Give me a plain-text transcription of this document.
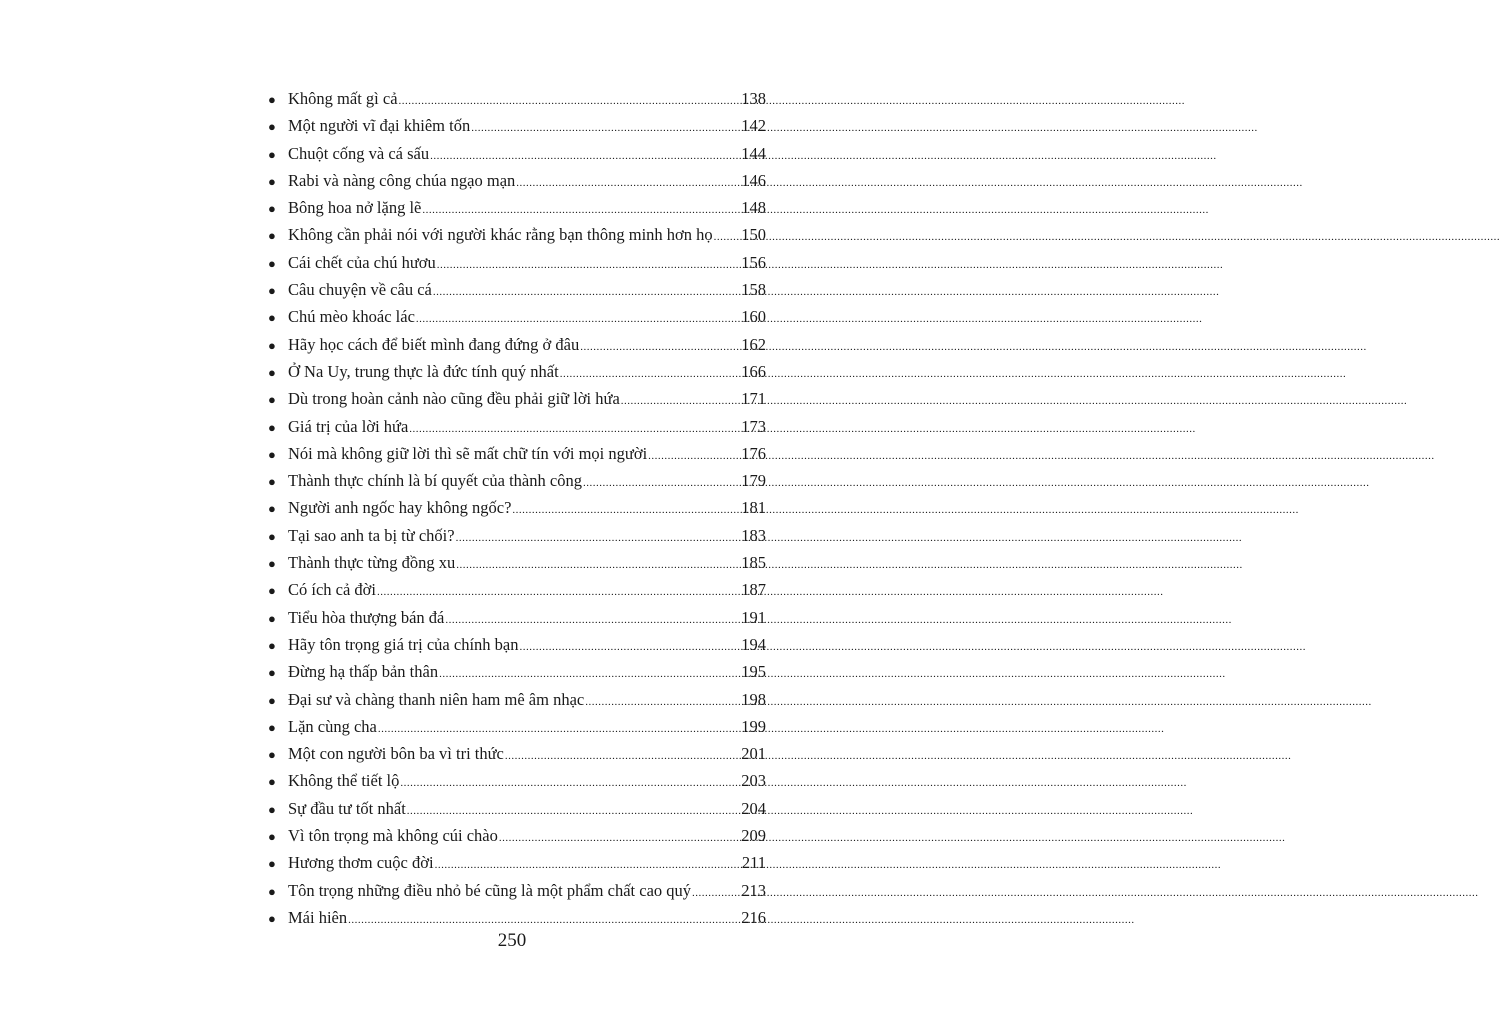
● Không mất gì cả .....	138
● Một người vĩ đại khiêm tốn .....	142
● Chuột cống và cá sấu .....	144
● Rabi và nàng công chúa ngạo mạn .....	146
● Bông hoa nở lặng lẽ .....	148
● Không cần phải nói với người khác rằng bạn thông minh hơn họ ..... 150
● Cái chết của chú hươu .....	156
● Câu chuyện về câu cá .....	158
● Chú mèo khoác lác .....	160
● Hãy học cách để biết mình đang đứng ở đâu .....	162
● Ở Na Uy, trung thực là đức tính quý nhất .....	166
● Dù trong hoàn cảnh nào cũng đều phải giữ lời hứa .....	171
● Giá trị của lời hứa .....	173
● Nói mà không giữ lời thì sẽ mất chữ tín với mọi người .....	176
● Thành thực chính là bí quyết của thành công .....	179
● Người anh ngốc hay không ngốc? .....	181
● Tại sao anh ta bị từ chối? .....	183
● Thành thực từng đồng xu .....	185
● Có ích cả đời .....	187
● Tiểu hòa thượng bán đá .....	191
● Hãy tôn trọng giá trị của chính bạn .....	194
● Đừng hạ thấp bản thân .....	195
● Đại sư và chàng thanh niên ham mê âm nhạc .....	198
● Lặn cùng cha .....	199
● Một con người bôn ba vì tri thức .....	201
● Không thể tiết lộ .....	203
● Sự đầu tư tốt nhất .....	204
● Vì tôn trọng mà không cúi chào .....	209
● Hương thơm cuộc đời .....	211
● Tôn trọng những điều nhỏ bé cũng là một phẩm chất cao quý .....	213
● Mái hiên .....	216
250
